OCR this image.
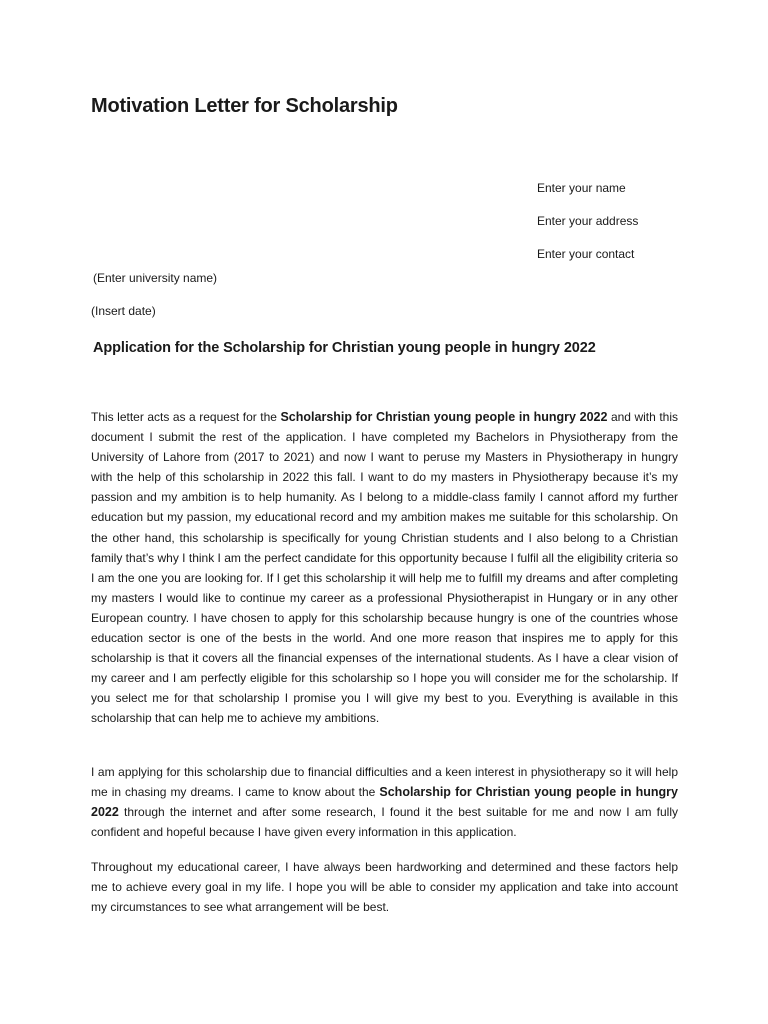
Motivation Letter for Scholarship
Enter your name
Enter your address
Enter your contact
(Enter university name)
(Insert date)
Application for the Scholarship for Christian young people in hungry 2022

This letter acts as a request for the Scholarship for Christian young people in hungry 2022 and with this document I submit the rest of the application. I have completed my Bachelors in Physiotherapy from the University of Lahore from (2017 to 2021) and now I want to peruse my Masters in Physiotherapy in hungry with the help of this scholarship in 2022 this fall. I want to do my masters in Physiotherapy because it’s my passion and my ambition is to help humanity. As I belong to a middle-class family I cannot afford my further education but my passion, my educational record and my ambition makes me suitable for this scholarship. On the other hand, this scholarship is specifically for young Christian students and I also belong to a Christian family that’s why I think I am the perfect candidate for this opportunity because I fulfil all the eligibility criteria so I am the one you are looking for. If I get this scholarship it will help me to fulfill my dreams and after completing my masters I would like to continue my career as a professional Physiotherapist in Hungary or in any other European country. I have chosen to apply for this scholarship because hungry is one of the countries whose education sector is one of the bests in the world. And one more reason that inspires me to apply for this scholarship is that it covers all the financial expenses of the international students. As I have a clear vision of my career and I am perfectly eligible for this scholarship so I hope you will consider me for the scholarship. If you select me for that scholarship I promise you I will give my best to you. Everything is available in this scholarship that can help me to achieve my ambitions.

I am applying for this scholarship due to financial difficulties and a keen interest in physiotherapy so it will help me in chasing my dreams. I came to know about the Scholarship for Christian young people in hungry 2022 through the internet and after some research, I found it the best suitable for me and now I am fully confident and hopeful because I have given every information in this application.

Throughout my educational career, I have always been hardworking and determined and these factors help me to achieve every goal in my life. I hope you will be able to consider my application and take into account my circumstances to see what arrangement will be best.
